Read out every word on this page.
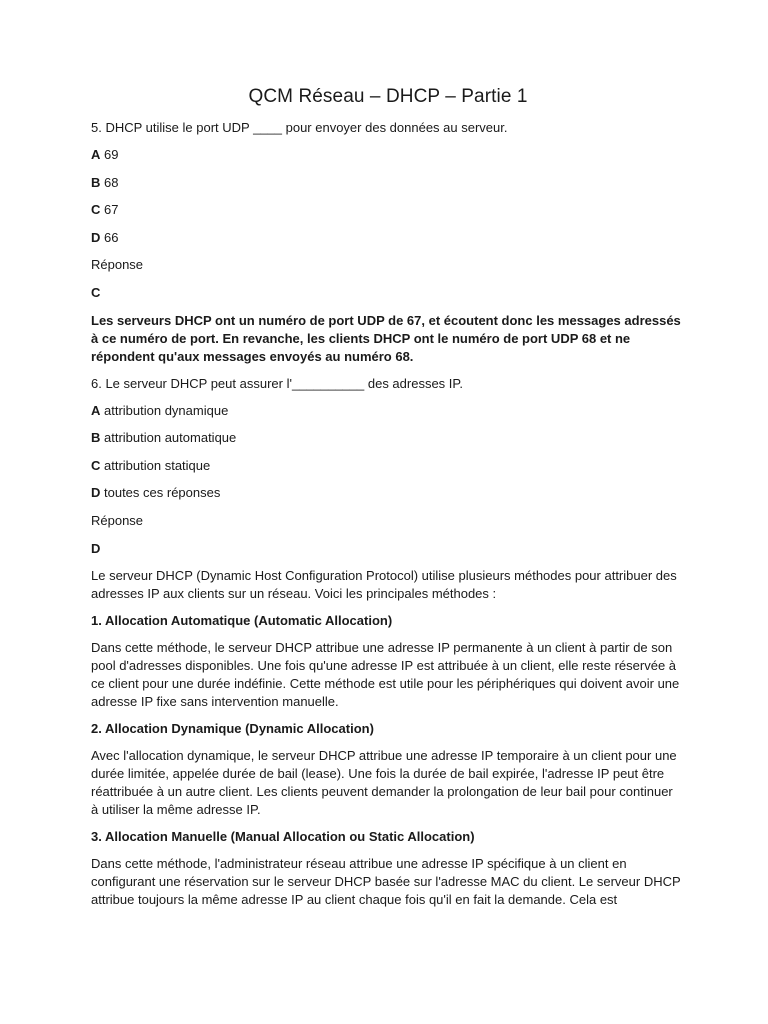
QCM Réseau – DHCP – Partie 1

5. DHCP utilise le port UDP ____ pour envoyer des données au serveur.

A 69

B 68

C 67

D 66

Réponse

C

Les serveurs DHCP ont un numéro de port UDP de 67, et écoutent donc les messages adressés à ce numéro de port. En revanche, les clients DHCP ont le numéro de port UDP 68 et ne répondent qu'aux messages envoyés au numéro 68.

6. Le serveur DHCP peut assurer l'__________ des adresses IP.

A attribution dynamique

B attribution automatique

C attribution statique

D toutes ces réponses

Réponse

D

Le serveur DHCP (Dynamic Host Configuration Protocol) utilise plusieurs méthodes pour attribuer des adresses IP aux clients sur un réseau. Voici les principales méthodes :

1. Allocation Automatique (Automatic Allocation)

Dans cette méthode, le serveur DHCP attribue une adresse IP permanente à un client à partir de son pool d'adresses disponibles. Une fois qu'une adresse IP est attribuée à un client, elle reste réservée à ce client pour une durée indéfinie. Cette méthode est utile pour les périphériques qui doivent avoir une adresse IP fixe sans intervention manuelle.

2. Allocation Dynamique (Dynamic Allocation)

Avec l'allocation dynamique, le serveur DHCP attribue une adresse IP temporaire à un client pour une durée limitée, appelée durée de bail (lease). Une fois la durée de bail expirée, l'adresse IP peut être réattribuée à un autre client. Les clients peuvent demander la prolongation de leur bail pour continuer à utiliser la même adresse IP.

3. Allocation Manuelle (Manual Allocation ou Static Allocation)

Dans cette méthode, l'administrateur réseau attribue une adresse IP spécifique à un client en configurant une réservation sur le serveur DHCP basée sur l'adresse MAC du client. Le serveur DHCP attribue toujours la même adresse IP au client chaque fois qu'il en fait la demande. Cela est
